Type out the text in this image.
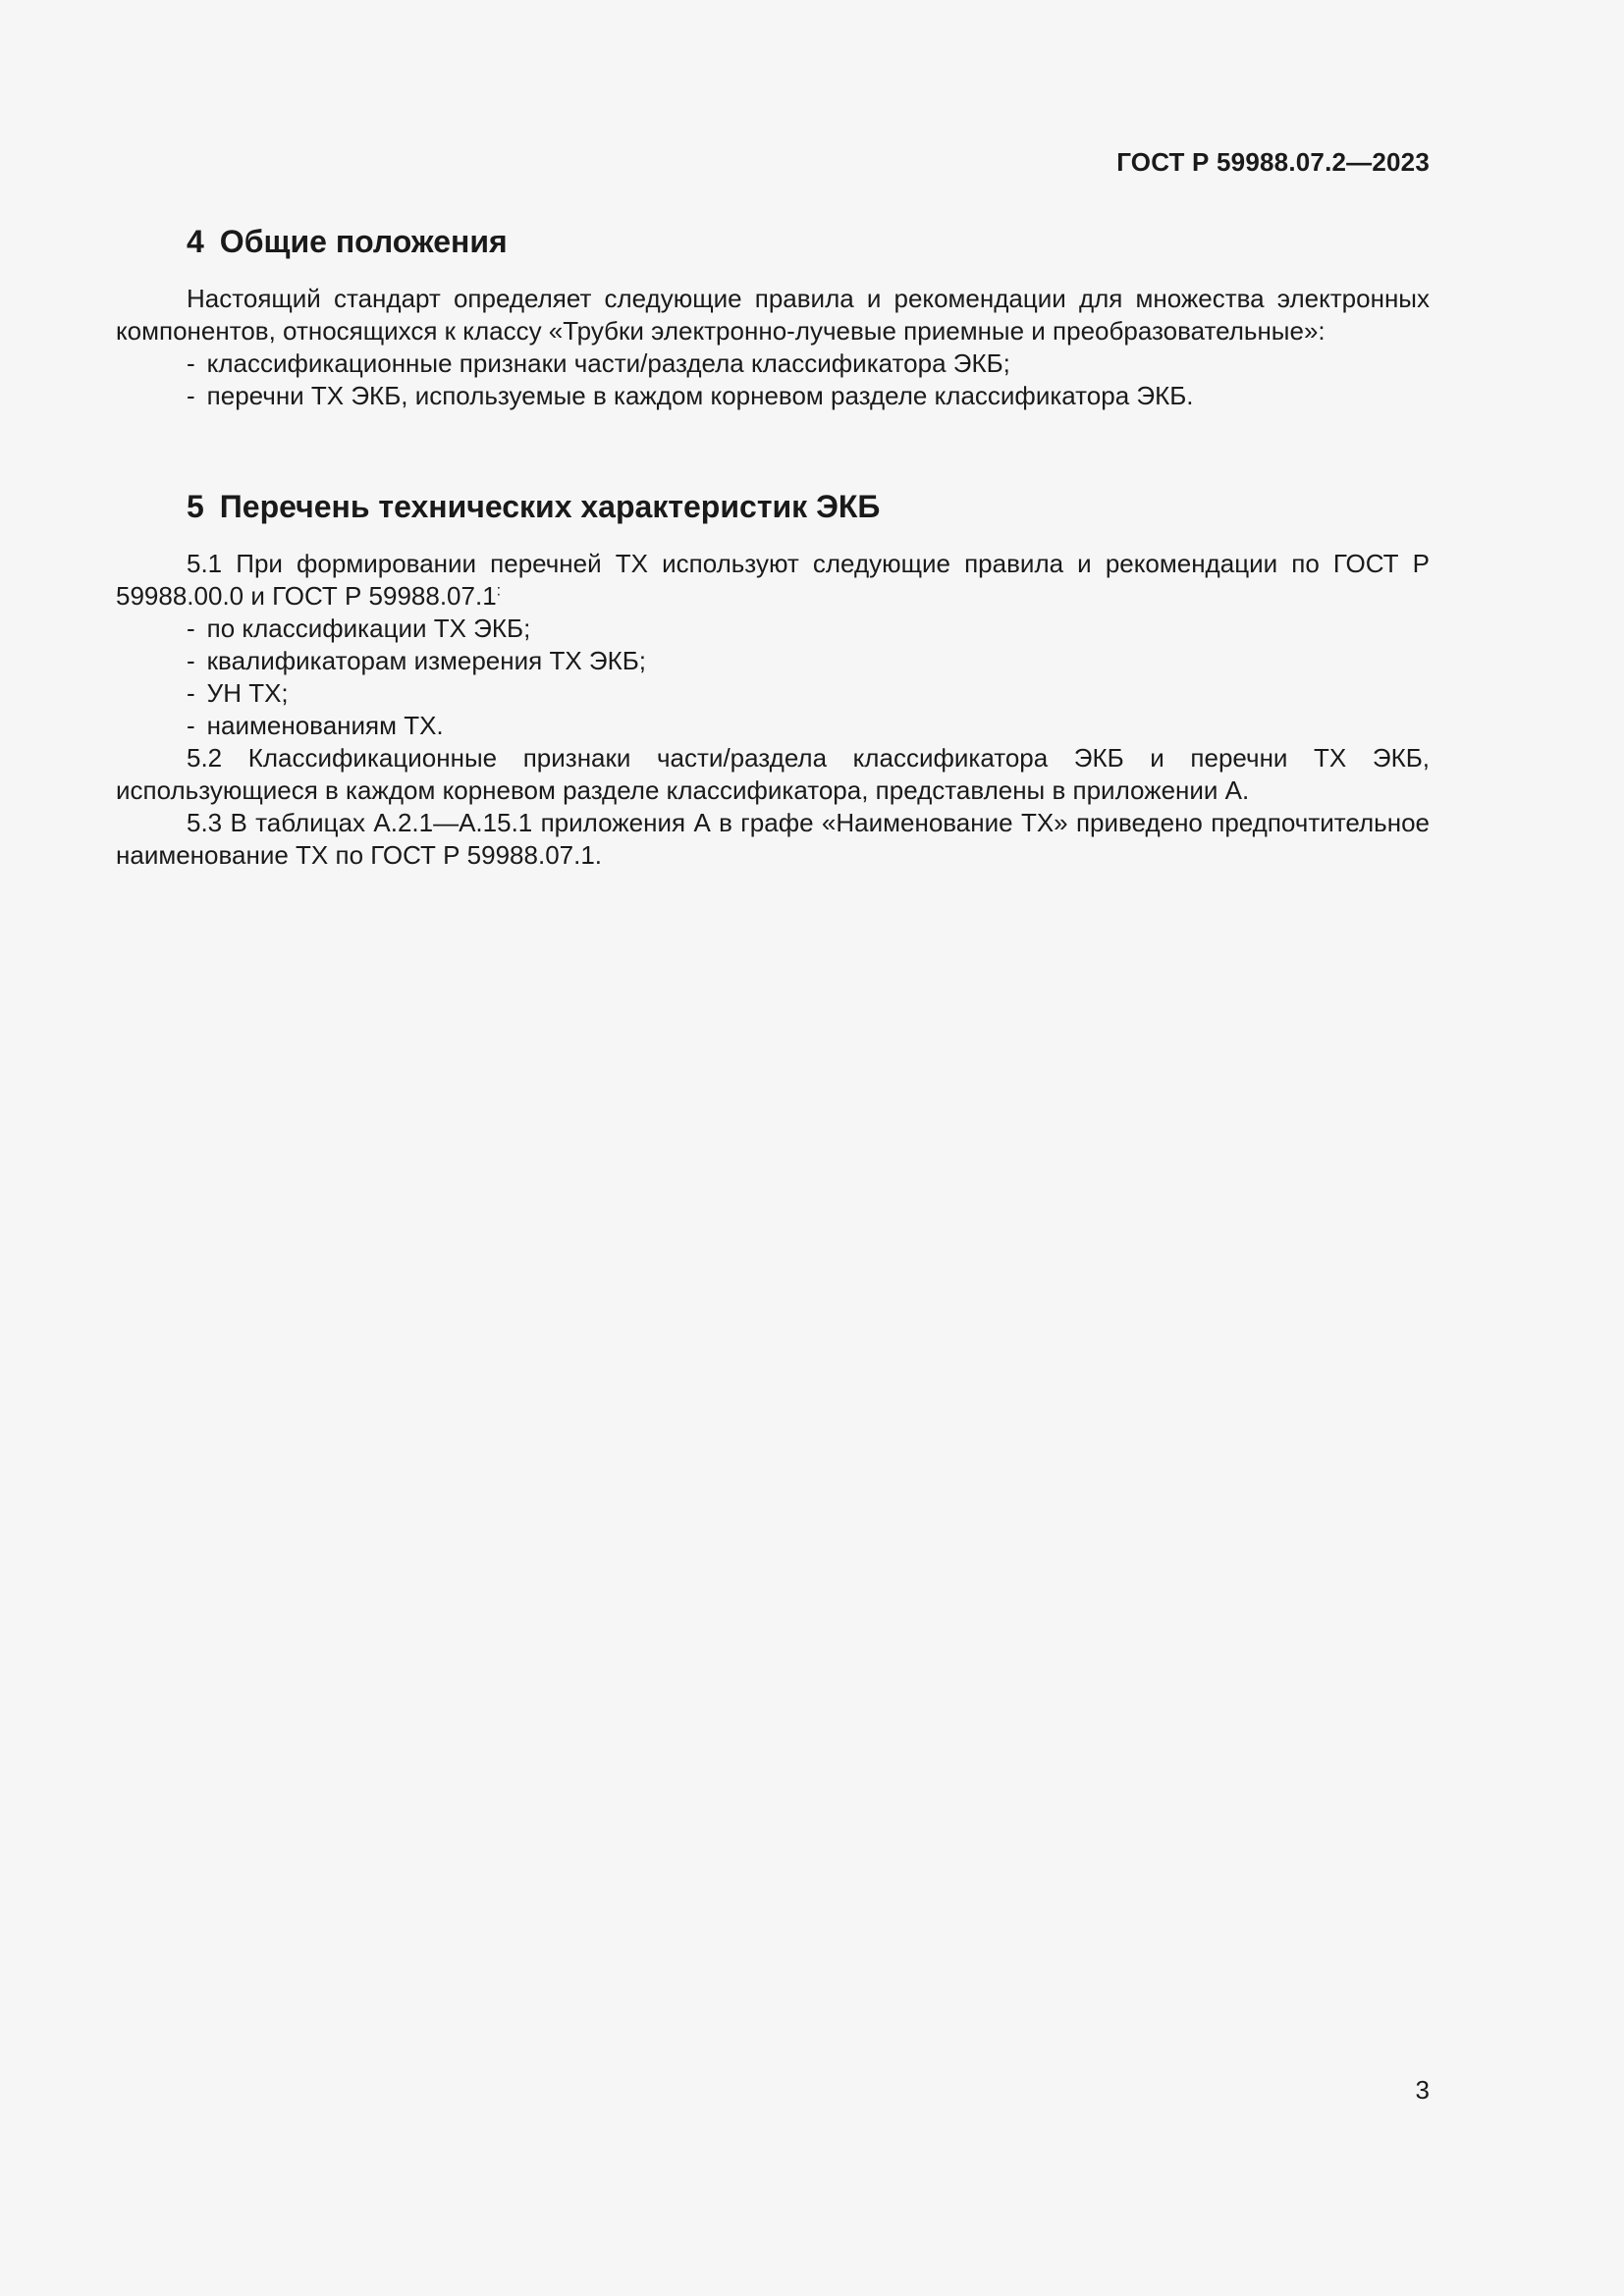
ГОСТ Р 59988.07.2—2023
4 Общие положения

Настоящий стандарт определяет следующие правила и рекомендации для множества электронных компонентов, относящихся к классу «Трубки электронно-лучевые приемные и преобразовательные»:

- классификационные признаки части/раздела классификатора ЭКБ;
- перечни ТХ ЭКБ, используемые в каждом корневом разделе классификатора ЭКБ.
5 Перечень технических характеристик ЭКБ

5.1 При формировании перечней ТХ используют следующие правила и рекомендации по ГОСТ Р 59988.00.0 и ГОСТ Р 59988.07.1:

- по классификации ТХ ЭКБ;
- квалификаторам измерения ТХ ЭКБ;
- УН ТХ;
- наименованиям ТХ.

5.2 Классификационные признаки части/раздела классификатора ЭКБ и перечни ТХ ЭКБ, использующиеся в каждом корневом разделе классификатора, представлены в приложении А.

5.3 В таблицах А.2.1—А.15.1 приложения А в графе «Наименование ТХ» приведено предпочтительное наименование ТХ по ГОСТ Р 59988.07.1.

3
